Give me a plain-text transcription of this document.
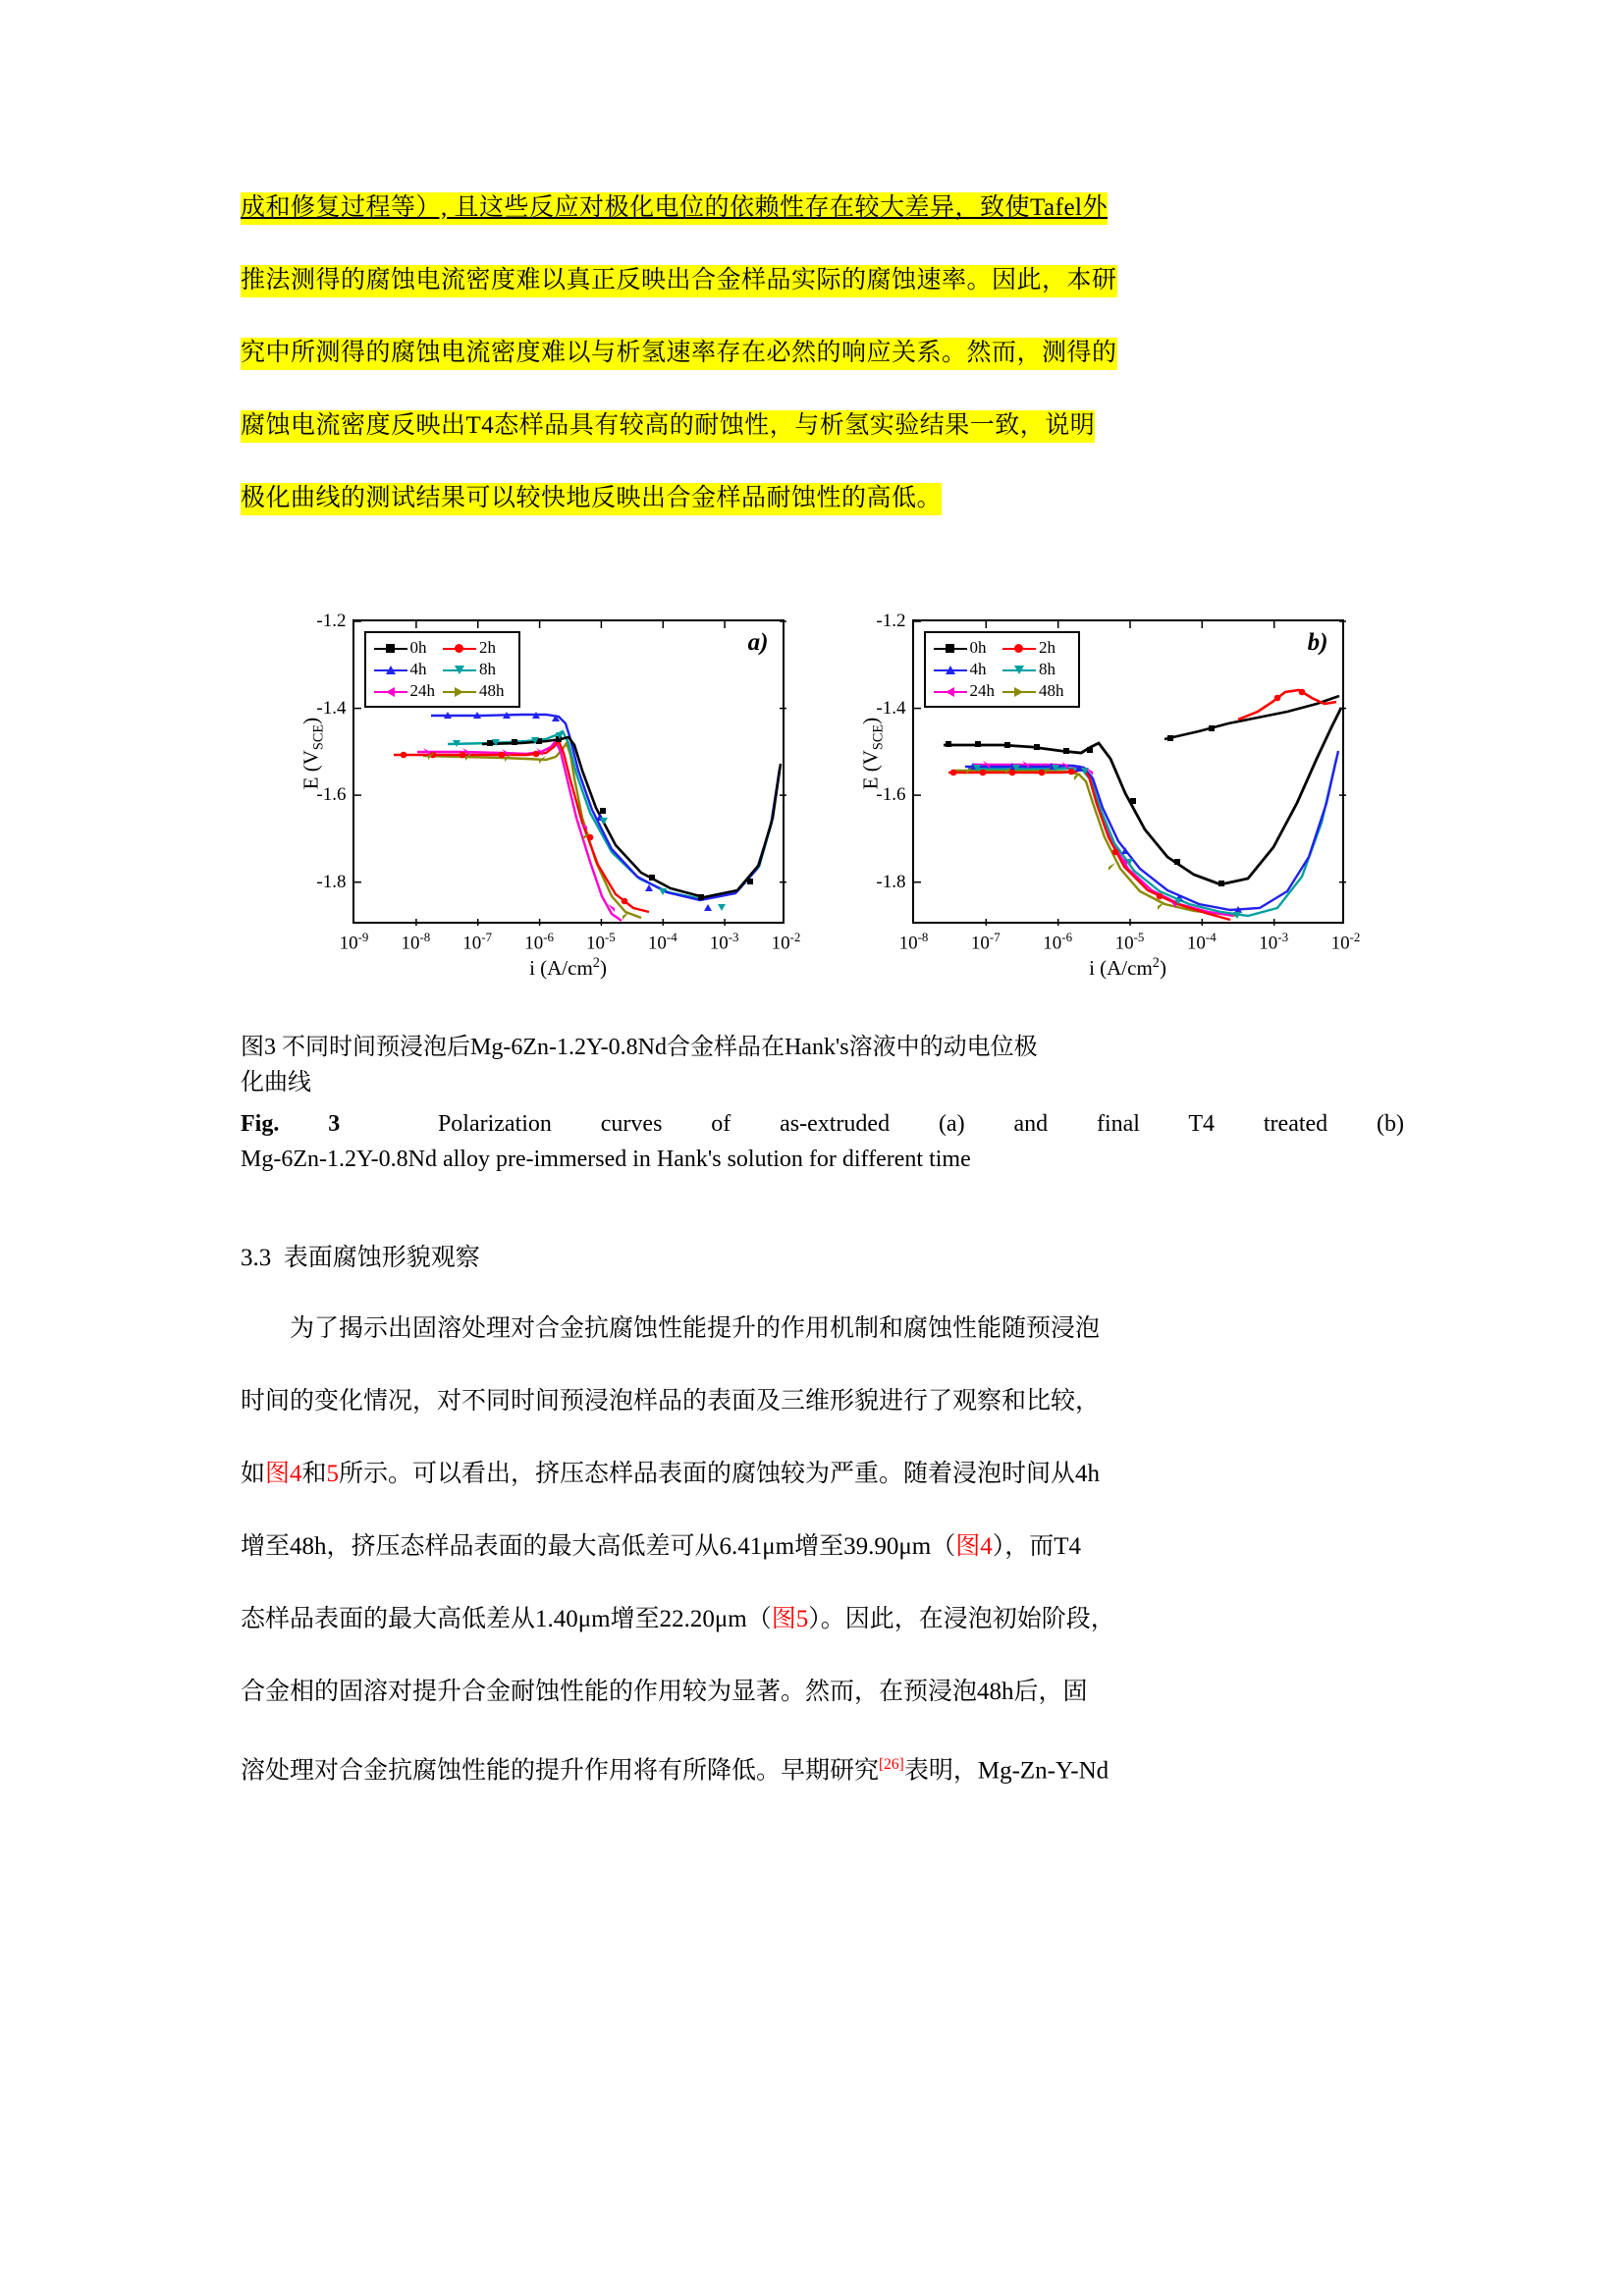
成和修复过程等）, 且这些反应对极化电位的依赖性存在较大差异，致使Tafel外
推法测得的腐蚀电流密度难以真正反映出合金样品实际的腐蚀速率。因此，本研
究中所测得的腐蚀电流密度难以与析氢速率存在必然的响应关系。然而，测得的
腐蚀电流密度反映出T4态样品具有较高的耐蚀性，与析氢实验结果一致，说明
极化曲线的测试结果可以较快地反映出合金样品耐蚀性的高低。
E $(V_{SCE})$
a)
-1.2
-1.4
-1.6
-1.8
$10^{-9}$ $10^{-8}$ $10^{-7}$ $10^{-6}$ $10^{-5}$ $10^{-4}$ $10^{-3}$ $10^{-2}$
0h	2h
4h	8h
24h	48h
i $(A/cm^2)$
E $(V_{SCE})$
b)
-1.2
-1.4
-1.6
-1.8
$10^{-8}$ $10^{-7}$ $10^{-6}$ $10^{-5}$ $10^{-4}$ $10^{-3}$ $10^{-2}$
0h	2h
4h	8h
24h	48h
i $(A/cm^2)$
图3 不同时间预浸泡后Mg-6Zn-1.2Y-0.8Nd合金样品在Hank's溶液中的动电位极
化曲线
Fig. 3	Polarization curves of as-extruded (a) and final T4 treated (b)
Mg-6Zn-1.2Y-0.8Nd alloy pre-immersed in Hank's solution for different time
3.3 表面腐蚀形貌观察
为了揭示出固溶处理对合金抗腐蚀性能提升的作用机制和腐蚀性能随预浸泡
时间的变化情况，对不同时间预浸泡样品的表面及三维形貌进行了观察和比较，
如图4和5所示。可以看出，挤压态样品表面的腐蚀较为严重。随着浸泡时间从4h
增至48h，挤压态样品表面的最大高低差可从6.41μm增至39.90μm（图4），而T4
态样品表面的最大高低差从1.40μm增至22.20μm（图5）。因此，在浸泡初始阶段，
合金相的固溶对提升合金耐蚀性能的作用较为显著。然而，在预浸泡48h后，固
溶处理对合金抗腐蚀性能的提升作用将有所降低。早期研究[26]表明，Mg-Zn-Y-Nd
